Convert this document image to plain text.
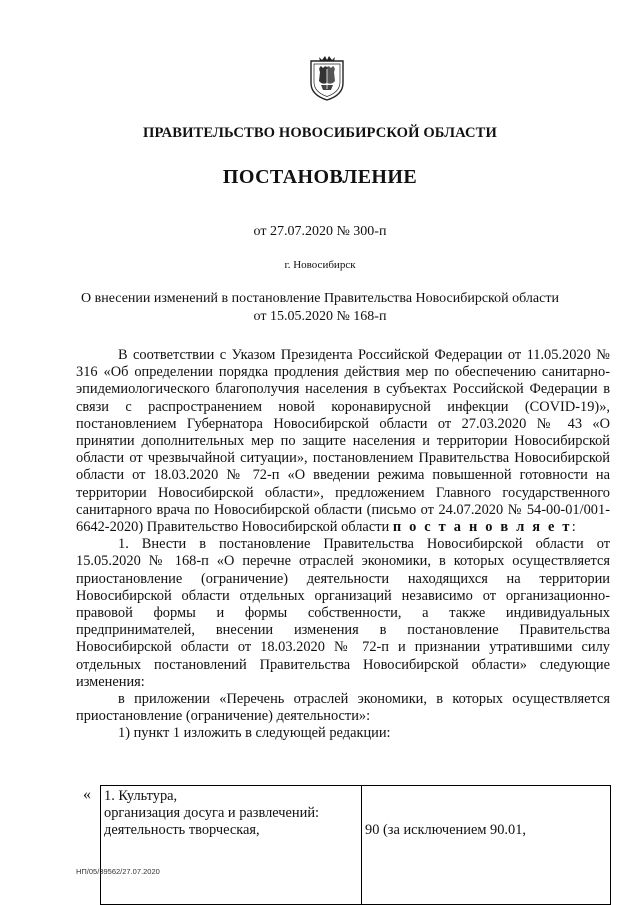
ПРАВИТЕЛЬСТВО НОВОСИБИРСКОЙ ОБЛАСТИ
ПОСТАНОВЛЕНИЕ
от 27.07.2020 № 300-п
г. Новосибирск
О внесении изменений в постановление Правительства Новосибирской области
от 15.05.2020 № 168-п

В соответствии с Указом Президента Российской Федерации от 11.05.2020 № 316 «Об определении порядка продления действия мер по обеспечению санитарно-эпидемиологического благополучия населения в субъектах Российской Федерации в связи с распространением новой коронавирусной инфекции (COVID-19)», постановлением Губернатора Новосибирской области от 27.03.2020 № 43 «О принятии дополнительных мер по защите населения и территории Новосибирской области от чрезвычайной ситуации», постановлением Правительства Новосибирской области от 18.03.2020 № 72-п «О введении режима повышенной готовности на территории Новосибирской области», предложением Главного государственного санитарного врача по Новосибирской области (письмо от 24.07.2020 № 54-00-01/001-6642-2020) Правительство Новосибирской области п о с т а н о в л я е т:

1. Внести в постановление Правительства Новосибирской области от 15.05.2020 № 168-п «О перечне отраслей экономики, в которых осуществляется приостановление (ограничение) деятельности находящихся на территории Новосибирской области отдельных организаций независимо от организационно-правовой формы и формы собственности, а также индивидуальных предпринимателей, внесении изменения в постановление Правительства Новосибирской области от 18.03.2020 № 72-п и признании утратившими силу отдельных постановлений Правительства Новосибирской области» следующие изменения:

в приложении «Перечень отраслей экономики, в которых осуществляется приостановление (ограничение) деятельности»:

1) пункт 1 изложить в следующей редакции:

« 1. Культура,
организация досуга и развлечений:
деятельность творческая,	90 (за исключением 90.01,
НП/05/39562/27.07.2020
